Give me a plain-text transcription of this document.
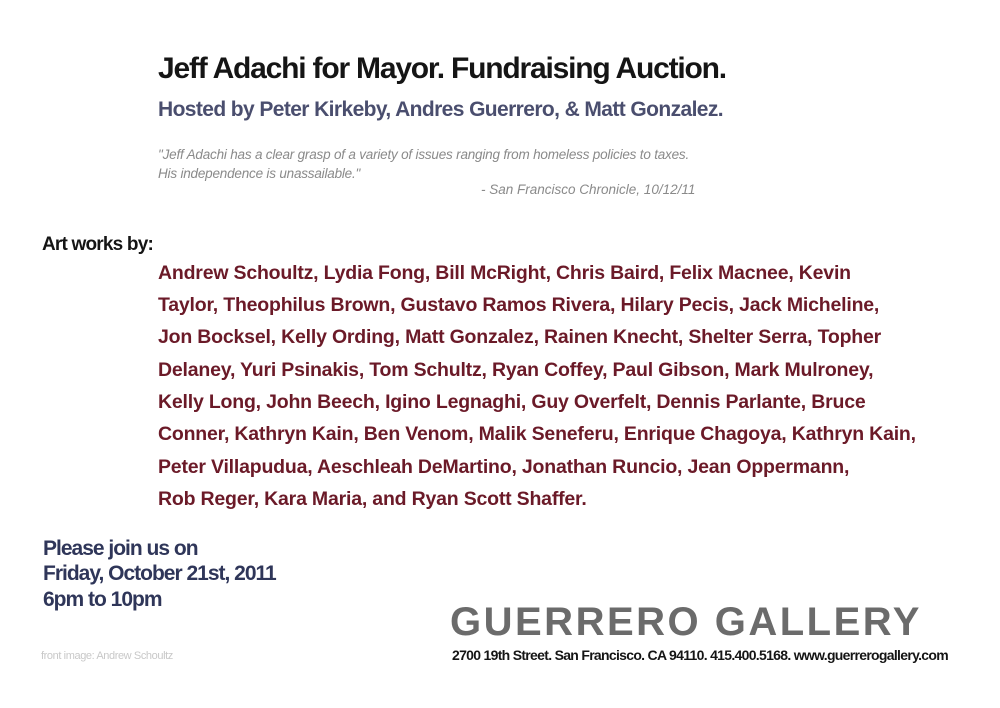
Jeff Adachi for Mayor. Fundraising Auction.
Hosted by Peter Kirkeby, Andres Guerrero, & Matt Gonzalez.
"Jeff Adachi has a clear grasp of a variety of issues ranging from homeless policies to taxes.
His independence is unassailable."
- San Francisco Chronicle, 10/12/11
Art works by:
Andrew Schoultz, Lydia Fong, Bill McRight, Chris Baird, Felix Macnee, Kevin
Taylor, Theophilus Brown, Gustavo Ramos Rivera, Hilary Pecis, Jack Micheline,
Jon Bocksel, Kelly Ording, Matt Gonzalez, Rainen Knecht, Shelter Serra, Topher
Delaney, Yuri Psinakis, Tom Schultz, Ryan Coffey, Paul Gibson, Mark Mulroney,
Kelly Long, John Beech, Igino Legnaghi, Guy Overfelt, Dennis Parlante, Bruce
Conner, Kathryn Kain, Ben Venom, Malik Seneferu, Enrique Chagoya, Kathryn Kain,
Peter Villapudua, Aeschleah DeMartino, Jonathan Runcio, Jean Oppermann,
Rob Reger, Kara Maria, and Ryan Scott Shaffer.
Please join us on
Friday, October 21st, 2011
6pm to 10pm
GUERRERO GALLERY
2700 19th Street. San Francisco. CA 94110. 415.400.5168. www.guerrerogallery.com
front image: Andrew Schoultz
